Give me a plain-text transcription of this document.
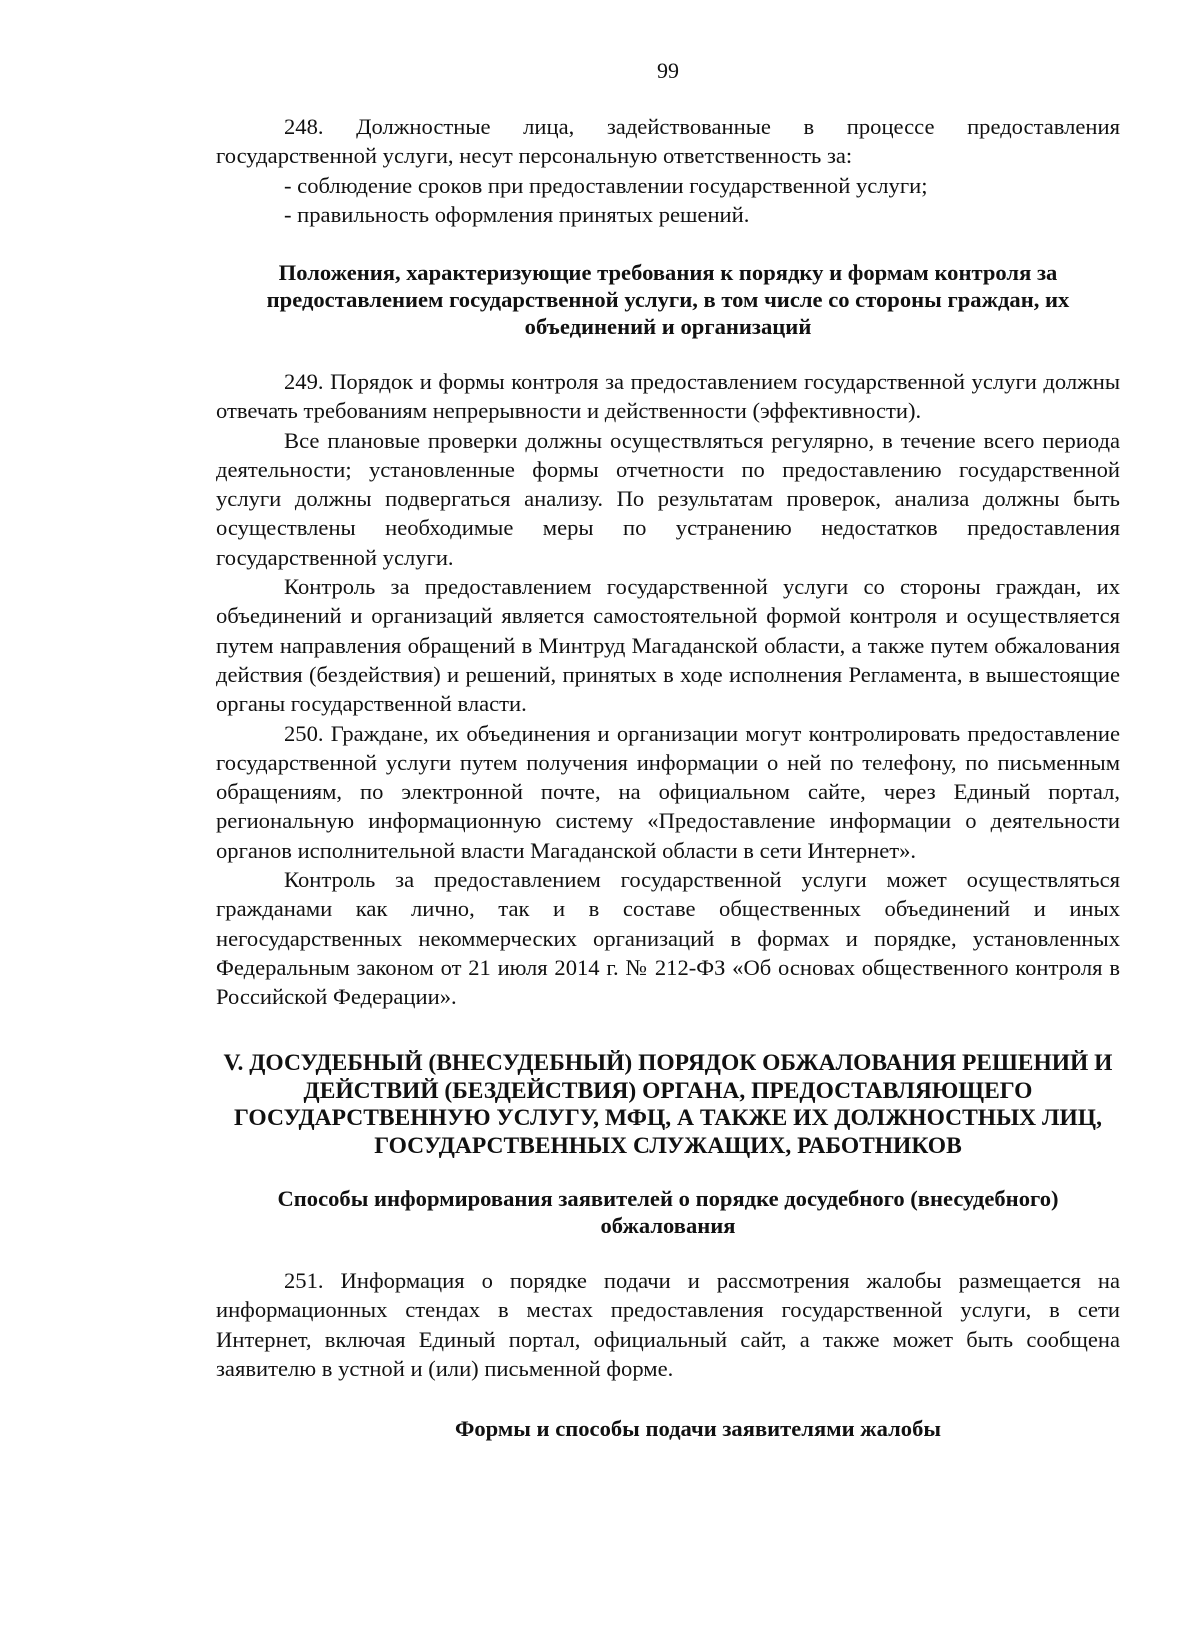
99

248. Должностные лица, задействованные в процессе предоставления государственной услуги, несут персональную ответственность за:

- соблюдение сроков при предоставлении государственной услуги;

- правильность оформления принятых решений.

Положения, характеризующие требования к порядку и формам контроля за предоставлением государственной услуги, в том числе со стороны граждан, их объединений и организаций

249. Порядок и формы контроля за предоставлением государственной услуги должны отвечать требованиям непрерывности и действенности (эффективности).

Все плановые проверки должны осуществляться регулярно, в течение всего периода деятельности; установленные формы отчетности по предоставлению государственной услуги должны подвергаться анализу. По результатам проверок, анализа должны быть осуществлены необходимые меры по устранению недостатков предоставления государственной услуги.

Контроль за предоставлением государственной услуги со стороны граждан, их объединений и организаций является самостоятельной формой контроля и осуществляется путем направления обращений в Минтруд Магаданской области, а также путем обжалования действия (бездействия) и решений, принятых в ходе исполнения Регламента, в вышестоящие органы государственной власти.

250. Граждане, их объединения и организации могут контролировать предоставление государственной услуги путем получения информации о ней по телефону, по письменным обращениям, по электронной почте, на официальном сайте, через Единый портал, региональную информационную систему «Предоставление информации о деятельности органов исполнительной власти Магаданской области в сети Интернет».

Контроль за предоставлением государственной услуги может осуществляться гражданами как лично, так и в составе общественных объединений и иных негосударственных некоммерческих организаций в формах и порядке, установленных Федеральным законом от 21 июля 2014 г. № 212-ФЗ «Об основах общественного контроля в Российской Федерации».

V. ДОСУДЕБНЫЙ (ВНЕСУДЕБНЫЙ) ПОРЯДОК ОБЖАЛОВАНИЯ РЕШЕНИЙ И ДЕЙСТВИЙ (БЕЗДЕЙСТВИЯ) ОРГАНА, ПРЕДОСТАВЛЯЮЩЕГО ГОСУДАРСТВЕННУЮ УСЛУГУ, МФЦ, А ТАКЖЕ ИХ ДОЛЖНОСТНЫХ ЛИЦ, ГОСУДАРСТВЕННЫХ СЛУЖАЩИХ, РАБОТНИКОВ
Способы информирования заявителей о порядке досудебного (внесудебного) обжалования

251. Информация о порядке подачи и рассмотрения жалобы размещается на информационных стендах в местах предоставления государственной услуги, в сети Интернет, включая Единый портал, официальный сайт, а также может быть сообщена заявителю в устной и (или) письменной форме.

Формы и способы подачи заявителями жалобы
